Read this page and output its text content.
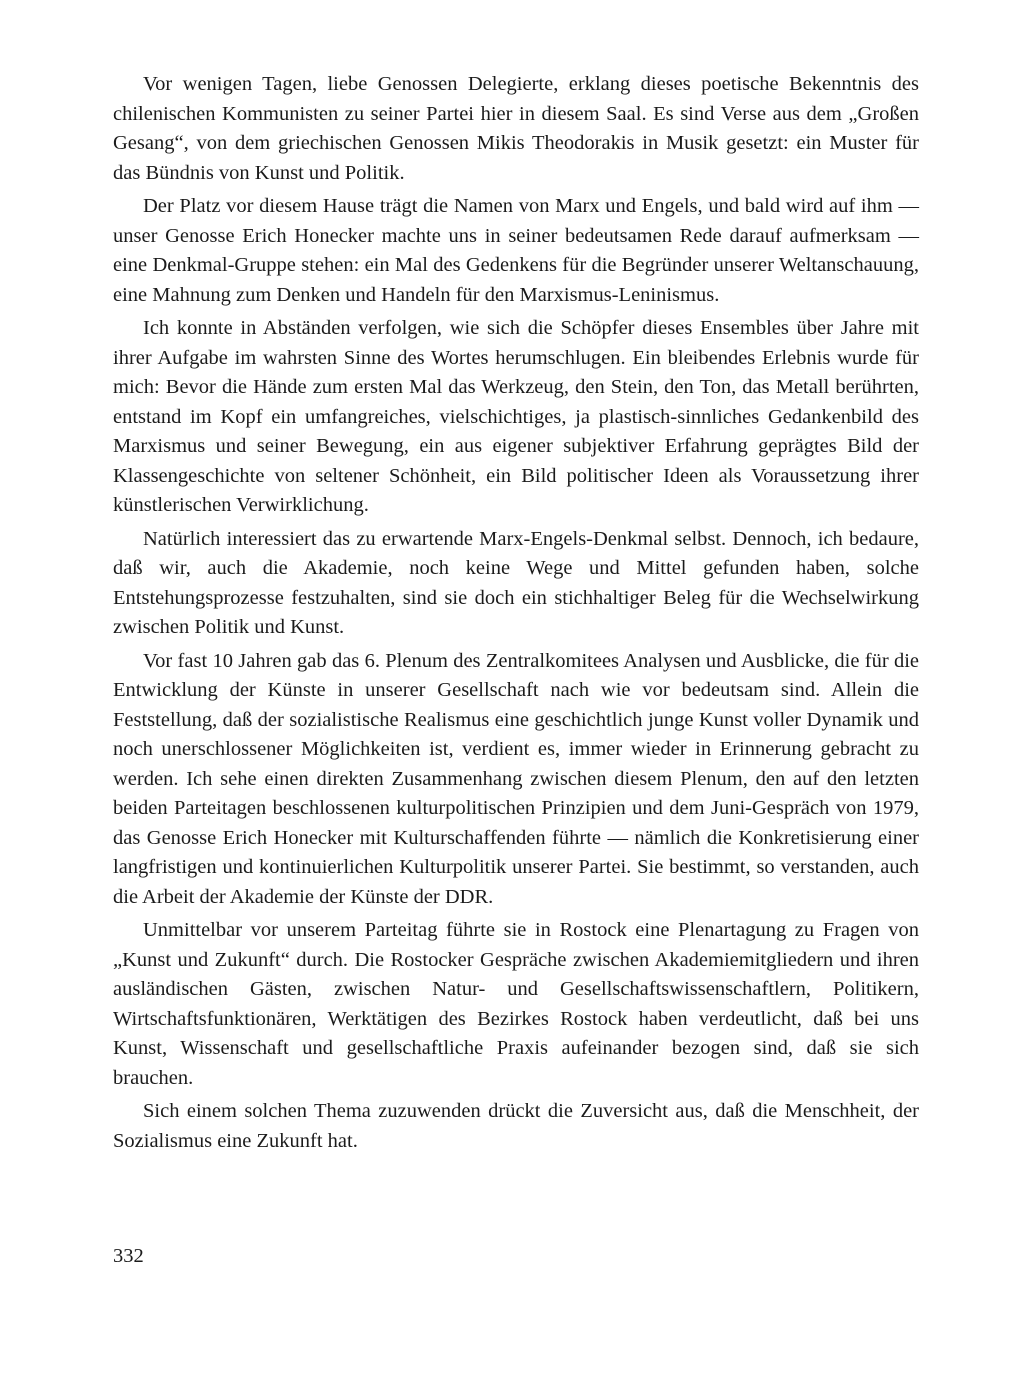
Vor wenigen Tagen, liebe Genossen Delegierte, erklang dieses poetische Bekenntnis des chilenischen Kommunisten zu seiner Partei hier in diesem Saal. Es sind Verse aus dem „Großen Gesang“, von dem griechischen Genossen Mikis Theodorakis in Musik gesetzt: ein Muster für das Bündnis von Kunst und Politik.

Der Platz vor diesem Hause trägt die Namen von Marx und Engels, und bald wird auf ihm — unser Genosse Erich Honecker machte uns in seiner bedeutsamen Rede darauf aufmerksam — eine Denkmal-Gruppe stehen: ein Mal des Gedenkens für die Begründer unserer Weltanschauung, eine Mahnung zum Denken und Handeln für den Marxismus-Leninismus.

Ich konnte in Abständen verfolgen, wie sich die Schöpfer dieses Ensembles über Jahre mit ihrer Aufgabe im wahrsten Sinne des Wortes herumschlugen. Ein bleibendes Erlebnis wurde für mich: Bevor die Hände zum ersten Mal das Werkzeug, den Stein, den Ton, das Metall berührten, entstand im Kopf ein umfangreiches, vielschichtiges, ja plastisch-sinnliches Gedankenbild des Marxismus und seiner Bewegung, ein aus eigener subjektiver Erfahrung geprägtes Bild der Klassengeschichte von seltener Schönheit, ein Bild politischer Ideen als Voraussetzung ihrer künstlerischen Verwirklichung.

Natürlich interessiert das zu erwartende Marx-Engels-Denkmal selbst. Dennoch, ich bedaure, daß wir, auch die Akademie, noch keine Wege und Mittel gefunden haben, solche Entstehungsprozesse festzuhalten, sind sie doch ein stichhaltiger Beleg für die Wechselwirkung zwischen Politik und Kunst.

Vor fast 10 Jahren gab das 6. Plenum des Zentralkomitees Analysen und Ausblicke, die für die Entwicklung der Künste in unserer Gesellschaft nach wie vor bedeutsam sind. Allein die Feststellung, daß der sozialistische Realismus eine geschichtlich junge Kunst voller Dynamik und noch unerschlossener Möglichkeiten ist, verdient es, immer wieder in Erinnerung gebracht zu werden. Ich sehe einen direkten Zusammenhang zwischen diesem Plenum, den auf den letzten beiden Parteitagen beschlossenen kulturpolitischen Prinzipien und dem Juni-Gespräch von 1979, das Genosse Erich Honecker mit Kulturschaffenden führte — nämlich die Konkretisierung einer langfristigen und kontinuierlichen Kulturpolitik unserer Partei. Sie bestimmt, so verstanden, auch die Arbeit der Akademie der Künste der DDR.

Unmittelbar vor unserem Parteitag führte sie in Rostock eine Plenartagung zu Fragen von „Kunst und Zukunft“ durch. Die Rostocker Gespräche zwischen Akademiemitgliedern und ihren ausländischen Gästen, zwischen Natur- und Gesellschaftswissenschaftlern, Politikern, Wirtschaftsfunktionären, Werktätigen des Bezirkes Rostock haben verdeutlicht, daß bei uns Kunst, Wissenschaft und gesellschaftliche Praxis aufeinander bezogen sind, daß sie sich brauchen.

Sich einem solchen Thema zuzuwenden drückt die Zuversicht aus, daß die Menschheit, der Sozialismus eine Zukunft hat.

332
